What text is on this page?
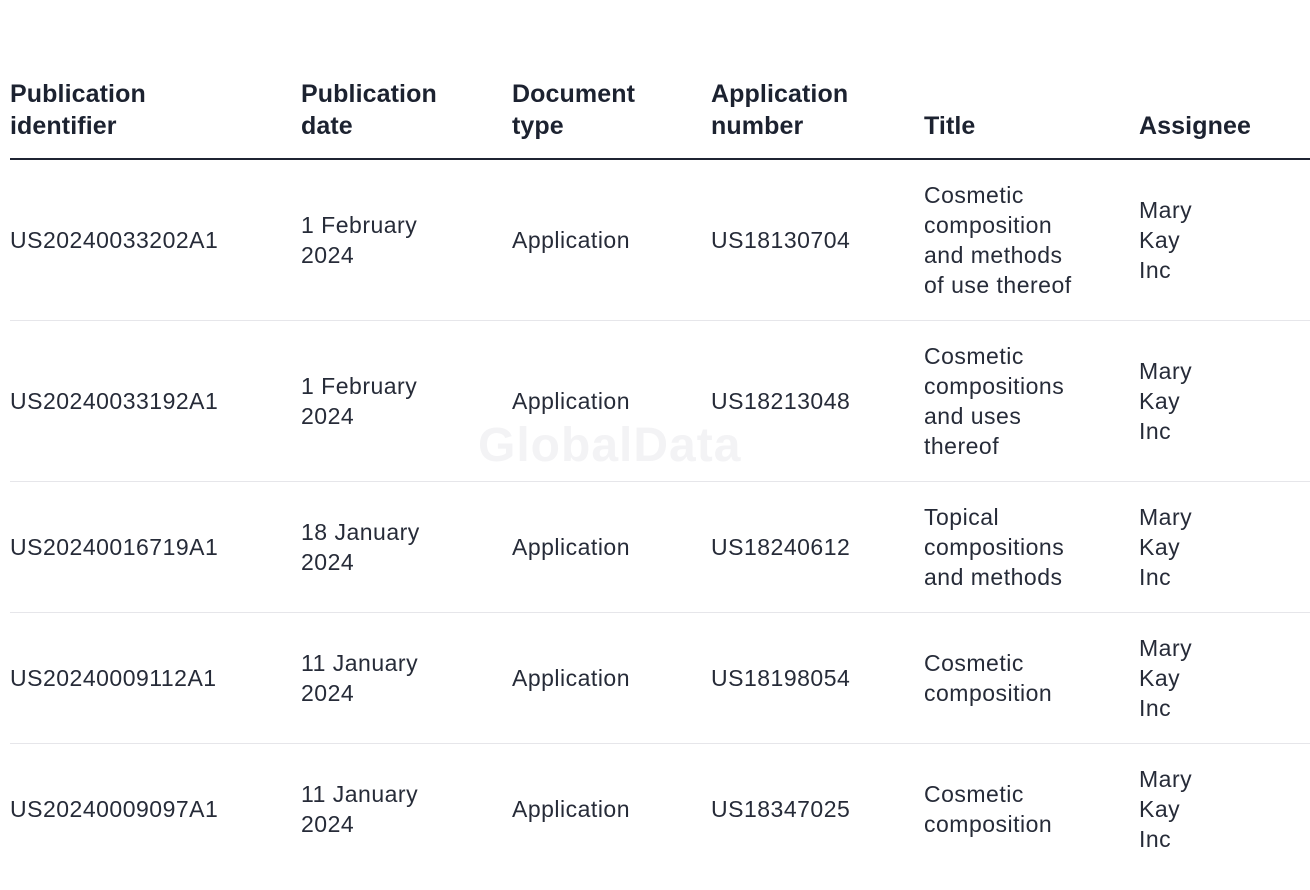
GlobalData
Publication identifier	Publication date	Document type	Application number	Title	Assignee
US20240033202A1	1 February 2024	Application	US18130704	Cosmetic composition and methods of use thereof	Mary Kay Inc

US20240033192A1	1 February 2024	Application	US18213048	Cosmetic compositions and uses thereof	Mary Kay Inc

US20240016719A1	18 January 2024	Application	US18240612	Topical compositions and methods	Mary Kay Inc

US20240009112A1	11 January 2024	Application	US18198054	Cosmetic composition	Mary Kay Inc

US20240009097A1	11 January 2024	Application	US18347025	Cosmetic composition	Mary Kay Inc
